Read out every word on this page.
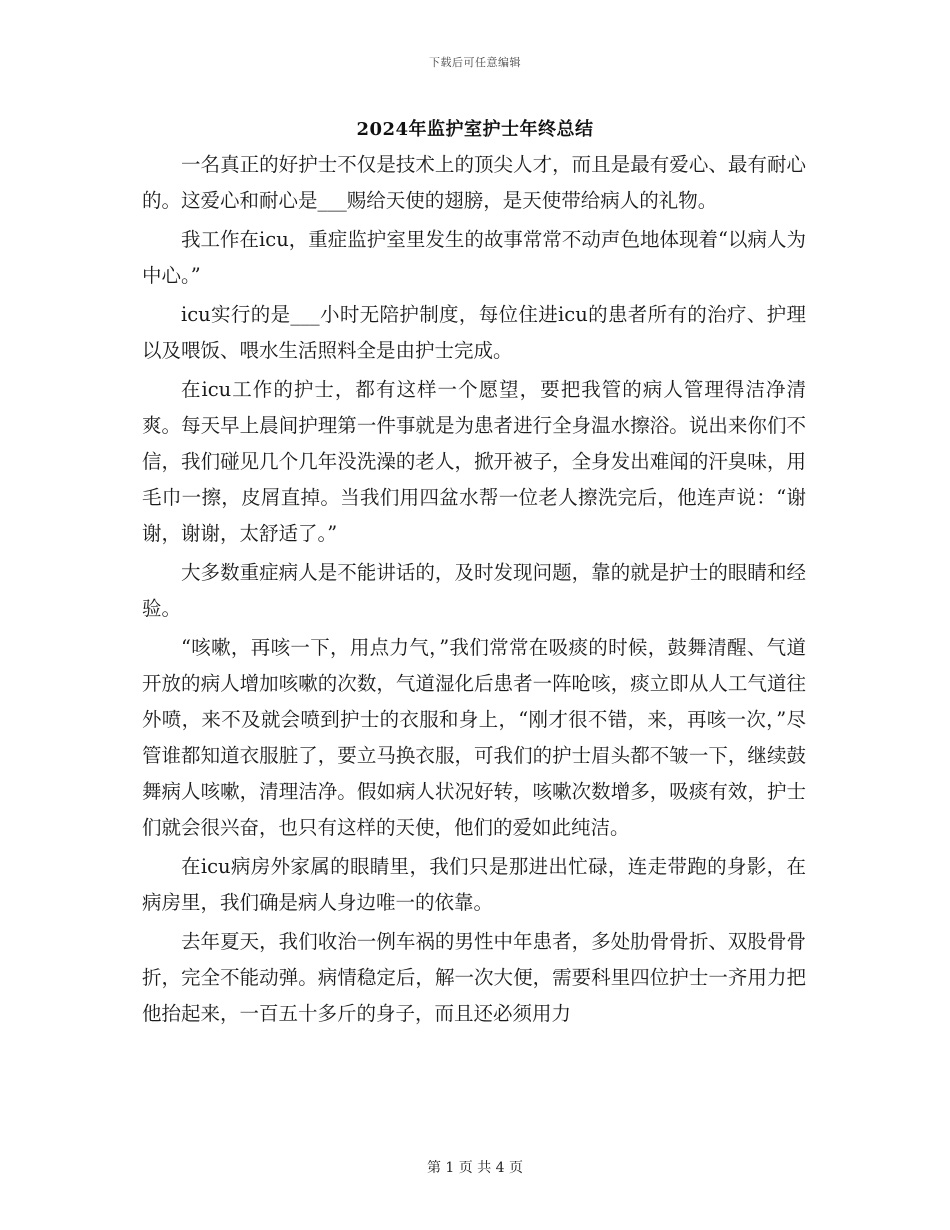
下载后可任意编辑
2024年监护室护士年终总结

一名真正的好护士不仅是技术上的顶尖人才，而且是最有爱心、最有耐心的。这爱心和耐心是___赐给天使的翅膀，是天使带给病人的礼物。

我工作在icu，重症监护室里发生的故事常常不动声色地体现着“以病人为中心。”

icu实行的是___小时无陪护制度，每位住进icu的患者所有的治疗、护理以及喂饭、喂水生活照料全是由护士完成。

在icu工作的护士，都有这样一个愿望，要把我管的病人管理得洁净清爽。每天早上晨间护理第一件事就是为患者进行全身温水擦浴。说出来你们不信，我们碰见几个几年没洗澡的老人，掀开被子，全身发出难闻的汗臭味，用毛巾一擦，皮屑直掉。当我们用四盆水帮一位老人擦洗完后，他连声说：“谢谢，谢谢，太舒适了。”

大多数重症病人是不能讲话的，及时发现问题，靠的就是护士的眼睛和经验。

“咳嗽，再咳一下，用点力气，”我们常常在吸痰的时候，鼓舞清醒、气道开放的病人增加咳嗽的次数，气道湿化后患者一阵呛咳，痰立即从人工气道往外喷，来不及就会喷到护士的衣服和身上，“刚才很不错，来，再咳一次，”尽管谁都知道衣服脏了，要立马换衣服，可我们的护士眉头都不皱一下，继续鼓舞病人咳嗽，清理洁净。假如病人状况好转，咳嗽次数增多，吸痰有效，护士们就会很兴奋，也只有这样的天使，他们的爱如此纯洁。

在icu病房外家属的眼睛里，我们只是那进出忙碌，连走带跑的身影，在病房里，我们确是病人身边唯一的依靠。

去年夏天，我们收治一例车祸的男性中年患者，多处肋骨骨折、双股骨骨折，完全不能动弹。病情稳定后，解一次大便，需要科里四位护士一齐用力把他抬起来，一百五十多斤的身子，而且还必须用力

第 1 页 共 4 页
